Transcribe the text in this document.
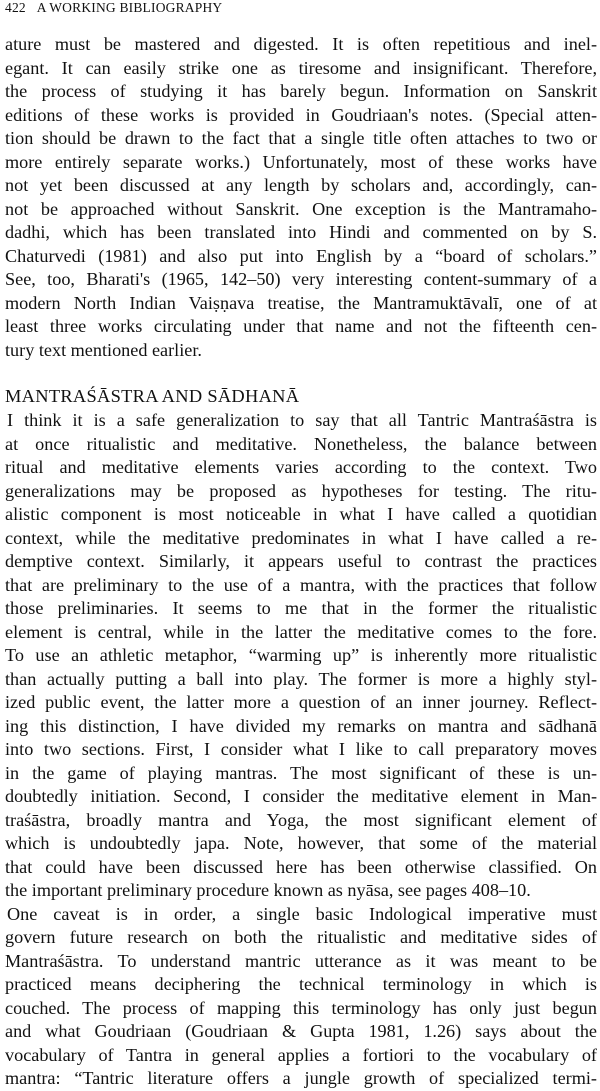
422 A WORKING BIBLIOGRAPHY
ature must be mastered and digested. It is often repetitious and inel-
egant. It can easily strike one as tiresome and insignificant. Therefore,
the process of studying it has barely begun. Information on Sanskrit
editions of these works is provided in Goudriaan's notes. (Special atten-
tion should be drawn to the fact that a single title often attaches to two or
more entirely separate works.) Unfortunately, most of these works have
not yet been discussed at any length by scholars and, accordingly, can-
not be approached without Sanskrit. One exception is the Mantramaho-
dadhi, which has been translated into Hindi and commented on by S.
Chaturvedi (1981) and also put into English by a “board of scholars.”
See, too, Bharati's (1965, 142–50) very interesting content-summary of a
modern North Indian Vaiṣṇava treatise, the Mantramuktāvalī, one of at
least three works circulating under that name and not the fifteenth cen-
tury text mentioned earlier.
MANTRAŚĀSTRA AND SĀDHANĀ
I think it is a safe generalization to say that all Tantric Mantraśāstra is
at once ritualistic and meditative. Nonetheless, the balance between
ritual and meditative elements varies according to the context. Two
generalizations may be proposed as hypotheses for testing. The ritu-
alistic component is most noticeable in what I have called a quotidian
context, while the meditative predominates in what I have called a re-
demptive context. Similarly, it appears useful to contrast the practices
that are preliminary to the use of a mantra, with the practices that follow
those preliminaries. It seems to me that in the former the ritualistic
element is central, while in the latter the meditative comes to the fore.
To use an athletic metaphor, “warming up” is inherently more ritualistic
than actually putting a ball into play. The former is more a highly styl-
ized public event, the latter more a question of an inner journey. Reflect-
ing this distinction, I have divided my remarks on mantra and sādhanā
into two sections. First, I consider what I like to call preparatory moves
in the game of playing mantras. The most significant of these is un-
doubtedly initiation. Second, I consider the meditative element in Man-
traśāstra, broadly mantra and Yoga, the most significant element of
which is undoubtedly japa. Note, however, that some of the material
that could have been discussed here has been otherwise classified. On
the important preliminary procedure known as nyāsa, see pages 408–10.
One caveat is in order, a single basic Indological imperative must
govern future research on both the ritualistic and meditative sides of
Mantraśāstra. To understand mantric utterance as it was meant to be
practiced means deciphering the technical terminology in which is
couched. The process of mapping this terminology has only just begun
and what Goudriaan (Goudriaan & Gupta 1981, 1.26) says about the
vocabulary of Tantra in general applies a fortiori to the vocabulary of
mantra: “Tantric literature offers a jungle growth of specialized termi-
